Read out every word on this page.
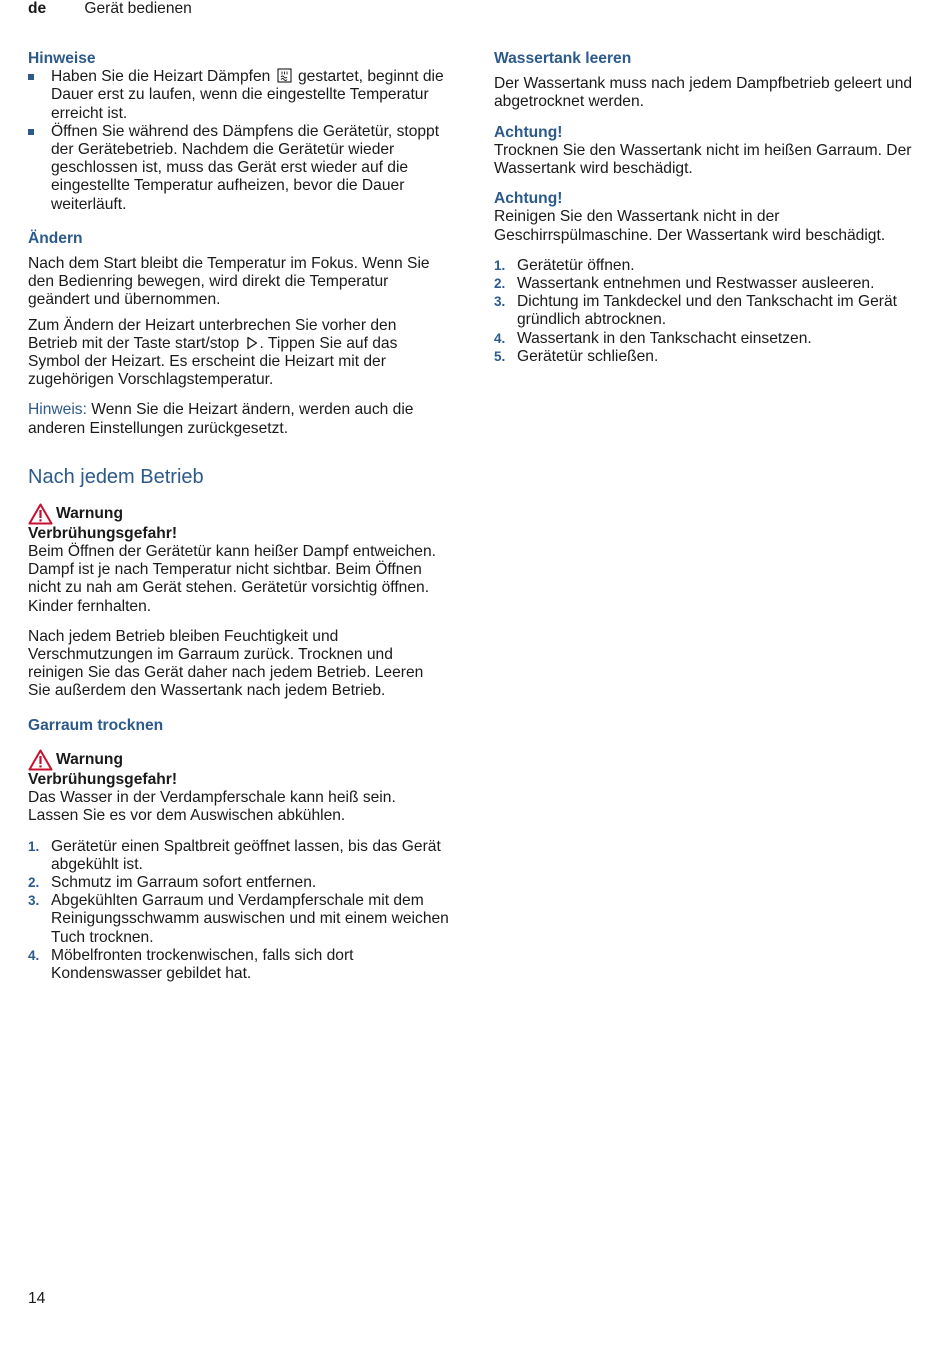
de Gerät bedienen

Hinweise

Haben Sie die Heizart Dämpfen gestartet, beginnt die Dauer erst zu laufen, wenn die eingestellte Temperatur erreicht ist.
Öffnen Sie während des Dämpfens die Gerätetür, stoppt der Gerätebetrieb. Nachdem die Gerätetür wieder geschlossen ist, muss das Gerät erst wieder auf die eingestellte Temperatur aufheizen, bevor die Dauer weiterläuft.

Ändern

Nach dem Start bleibt die Temperatur im Fokus. Wenn Sie den Bedienring bewegen, wird direkt die Temperatur geändert und übernommen.

Zum Ändern der Heizart unterbrechen Sie vorher den Betrieb mit der Taste start/stop . Tippen Sie auf das Symbol der Heizart. Es erscheint die Heizart mit der zugehörigen Vorschlagstemperatur.

Hinweis: Wenn Sie die Heizart ändern, werden auch die anderen Einstellungen zurückgesetzt.

Nach jedem Betrieb
Warnung

Verbrühungsgefahr!

Beim Öffnen der Gerätetür kann heißer Dampf entweichen. Dampf ist je nach Temperatur nicht sichtbar. Beim Öffnen nicht zu nah am Gerät stehen. Gerätetür vorsichtig öffnen. Kinder fernhalten.

Nach jedem Betrieb bleiben Feuchtigkeit und Verschmutzungen im Garraum zurück. Trocknen und reinigen Sie das Gerät daher nach jedem Betrieb. Leeren Sie außerdem den Wassertank nach jedem Betrieb.

Garraum trocknen

Warnung

Verbrühungsgefahr!

Das Wasser in der Verdampferschale kann heiß sein. Lassen Sie es vor dem Auswischen abkühlen.

1. Gerätetür einen Spaltbreit geöffnet lassen, bis das Gerät abgekühlt ist.
2. Schmutz im Garraum sofort entfernen.
3. Abgekühlten Garraum und Verdampferschale mit dem Reinigungsschwamm auswischen und mit einem weichen Tuch trocknen.
4. Möbelfronten trockenwischen, falls sich dort Kondenswasser gebildet hat.

Wassertank leeren

Der Wassertank muss nach jedem Dampfbetrieb geleert und abgetrocknet werden.

Achtung!

Trocknen Sie den Wassertank nicht im heißen Garraum. Der Wassertank wird beschädigt.

Achtung!

Reinigen Sie den Wassertank nicht in der Geschirrspülmaschine. Der Wassertank wird beschädigt.

1. Gerätetür öffnen.
2. Wassertank entnehmen und Restwasser ausleeren.
3. Dichtung im Tankdeckel und den Tankschacht im Gerät gründlich abtrocknen.
4. Wassertank in den Tankschacht einsetzen.
5. Gerätetür schließen.
14
